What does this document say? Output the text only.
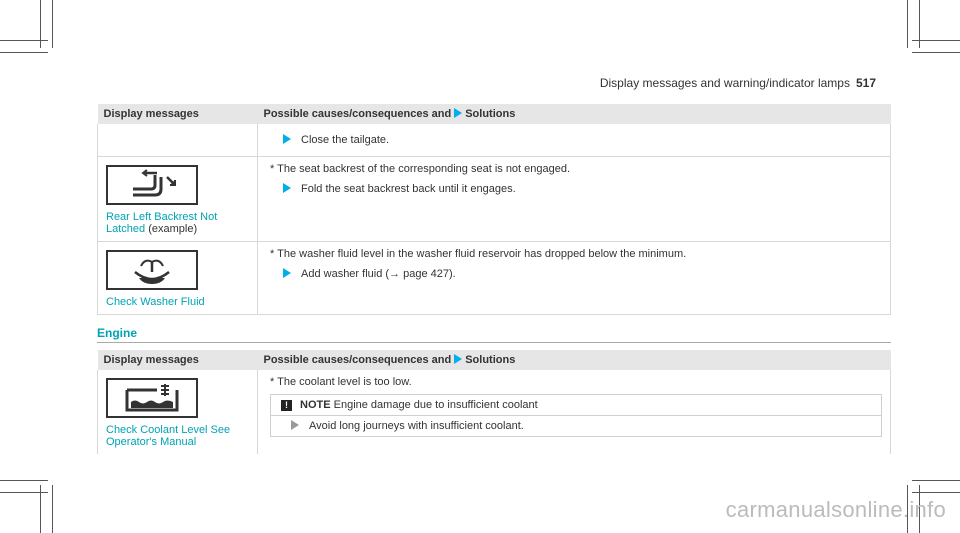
Display messages and warning/indicator lamps 517
Display messages	Possible causes/consequences and Solutions

	Close the tailgate.

Rear Left Backrest Not Latched (example)	* The seat backrest of the corresponding seat is not engaged.
Fold the seat backrest back until it engages.

Check Washer Fluid	* The washer fluid level in the washer fluid reservoir has dropped below the minimum.
Add washer fluid (→ page 427).
Engine
Display messages	Possible causes/consequences and Solutions

Check Coolant Level See Operator's Manual	* The coolant level is too low.
! NOTE Engine damage due to insufficient coolant
Avoid long journeys with insufficient coolant.
carmanualsonline.info
